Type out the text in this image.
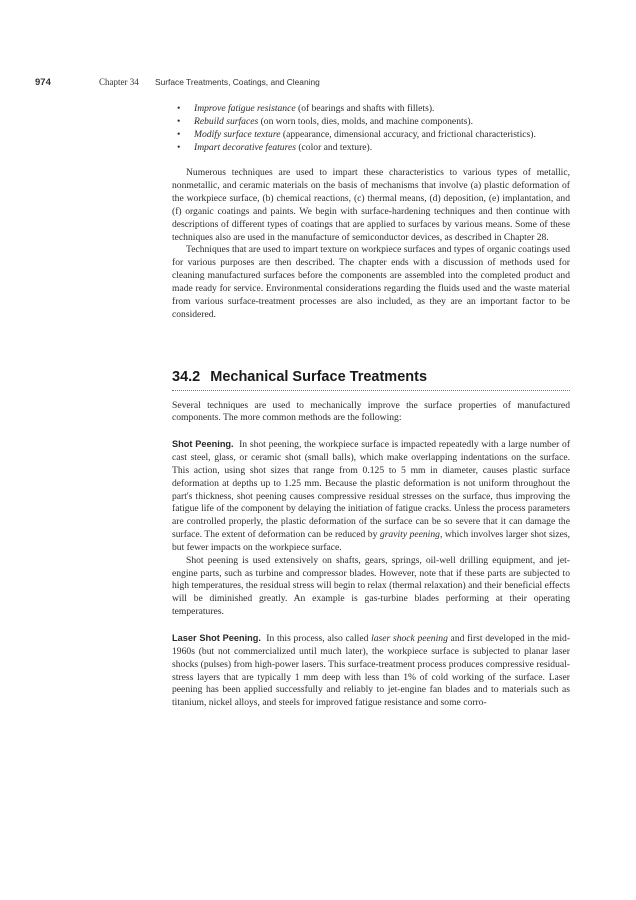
974	Chapter 34 Surface Treatments, Coatings, and Cleaning
• Improve fatigue resistance (of bearings and shafts with fillets).
• Rebuild surfaces (on worn tools, dies, molds, and machine components).
• Modify surface texture (appearance, dimensional accuracy, and frictional characteristics).
• Impart decorative features (color and texture).

Numerous techniques are used to impart these characteristics to various types of metallic, nonmetallic, and ceramic materials on the basis of mechanisms that involve (a) plastic deformation of the workpiece surface, (b) chemical reactions, (c) thermal means, (d) deposition, (e) implantation, and (f) organic coatings and paints. We begin with surface-hardening techniques and then continue with descriptions of different types of coatings that are applied to surfaces by various means. Some of these techniques also are used in the manufacture of semiconductor devices, as described in Chapter 28.

Techniques that are used to impart texture on workpiece surfaces and types of organic coatings used for various purposes are then described. The chapter ends with a discussion of methods used for cleaning manufactured surfaces before the components are assembled into the completed product and made ready for service. Environmental considerations regarding the fluids used and the waste material from various surface-treatment processes are also included, as they are an important factor to be considered.

34.2 Mechanical Surface Treatments

Several techniques are used to mechanically improve the surface properties of manufactured components. The more common methods are the following:

Shot Peening. In shot peening, the workpiece surface is impacted repeatedly with a large number of cast steel, glass, or ceramic shot (small balls), which make overlapping indentations on the surface. This action, using shot sizes that range from 0.125 to 5 mm in diameter, causes plastic surface deformation at depths up to 1.25 mm. Because the plastic deformation is not uniform throughout the part's thickness, shot peening causes compressive residual stresses on the surface, thus improving the fatigue life of the component by delaying the initiation of fatigue cracks. Unless the process parameters are controlled properly, the plastic deformation of the surface can be so severe that it can damage the surface. The extent of deformation can be reduced by gravity peening, which involves larger shot sizes, but fewer impacts on the workpiece surface.

Shot peening is used extensively on shafts, gears, springs, oil-well drilling equipment, and jet-engine parts, such as turbine and compressor blades. However, note that if these parts are subjected to high temperatures, the residual stress will begin to relax (thermal relaxation) and their beneficial effects will be diminished greatly. An example is gas-turbine blades performing at their operating temperatures.

Laser Shot Peening. In this process, also called laser shock peening and first developed in the mid-1960s (but not commercialized until much later), the workpiece surface is subjected to planar laser shocks (pulses) from high-power lasers. This surface-treatment process produces compressive residual-stress layers that are typically 1 mm deep with less than 1% of cold working of the surface. Laser peening has been applied successfully and reliably to jet-engine fan blades and to materials such as titanium, nickel alloys, and steels for improved fatigue resistance and some corro-
